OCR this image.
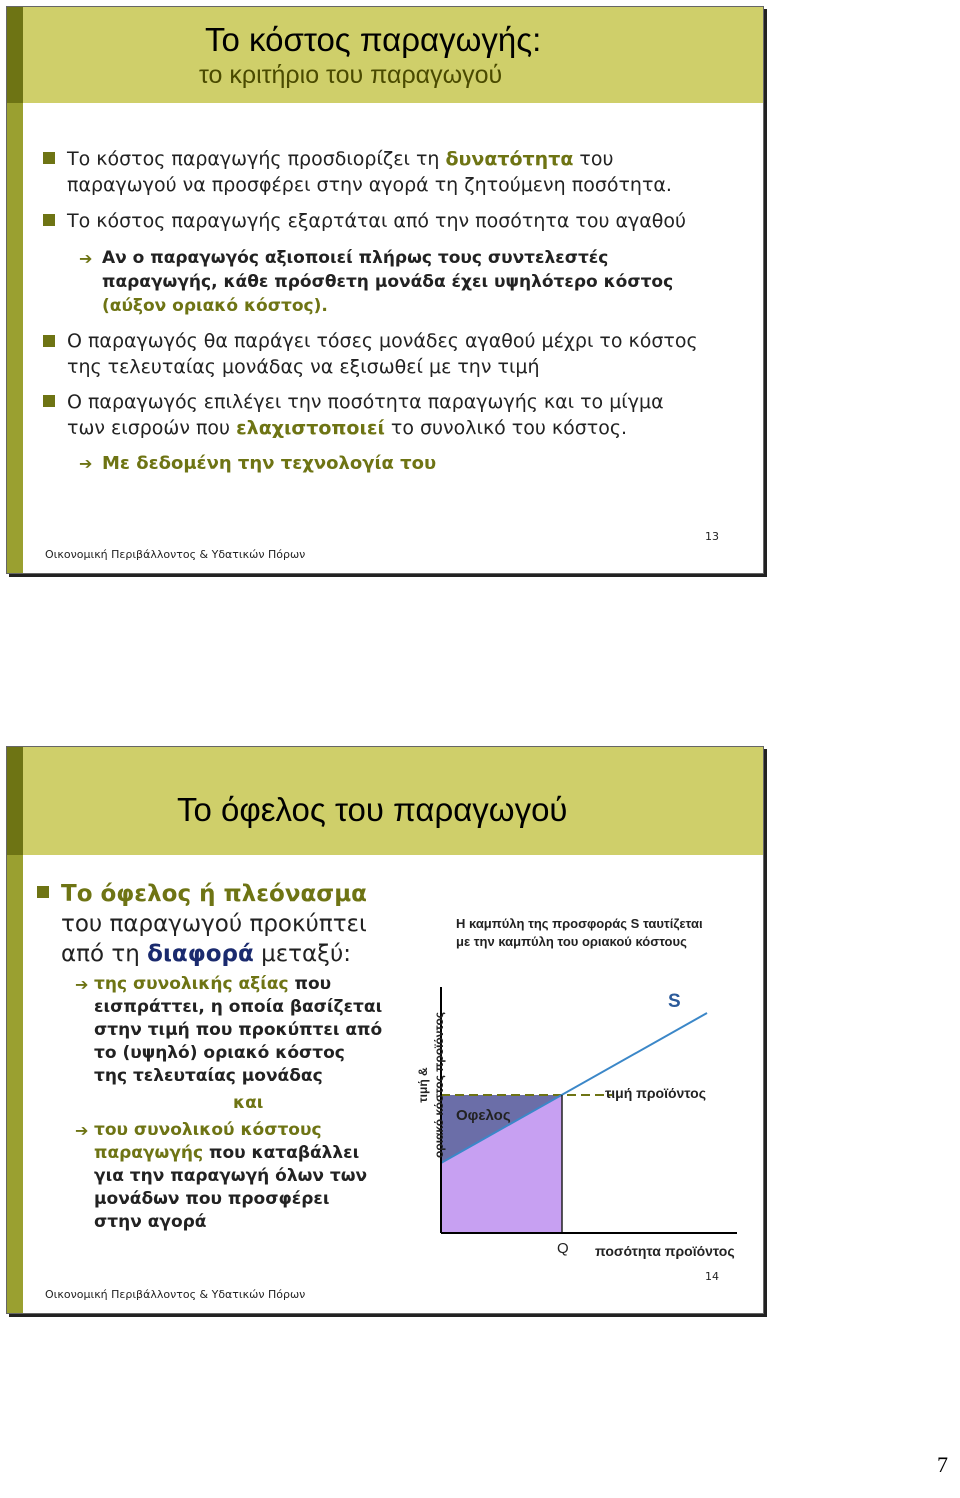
Το κόστος παραγωγής:
το κριτήριο του παραγωγού
Το κόστος παραγωγής προσδιορίζει τη δυνατότητα του
παραγωγού να προσφέρει στην αγορά τη ζητούμενη ποσότητα.
Το κόστος παραγωγής εξαρτάται από την ποσότητα του αγαθού
➔ Αν ο παραγωγός αξιοποιεί πλήρως τους συντελεστές
παραγωγής, κάθε πρόσθετη μονάδα έχει υψηλότερο κόστος
(αύξον οριακό κόστος).
Ο παραγωγός θα παράγει τόσες μονάδες αγαθού μέχρι το κόστος
της τελευταίας μονάδας να εξισωθεί με την τιμή
Ο παραγωγός επιλέγει την ποσότητα παραγωγής και το μίγμα
των εισροών που ελαχιστοποιεί το συνολικό του κόστος.
➔ Με δεδομένη την τεχνολογία του
Οικονομική Περιβάλλοντος & Υδατικών Πόρων
13
Το όφελος του παραγωγού
Το όφελος ή πλεόνασμα
του παραγωγού προκύπτει
από τη διαφορά μεταξύ:
➔ της συνολικής αξίας που
εισπράττει, η οποία βασίζεται
στην τιμή που προκύπτει από
το (υψηλό) οριακό κόστος
της τελευταίας μονάδας
και
➔ του συνολικού κόστους
παραγωγής που καταβάλλει
για την παραγωγή όλων των
μονάδων που προσφέρει
στην αγορά
Η καμπύλη της προσφοράς S ταυτίζεται
με την καμπύλη του οριακού κόστους
S
τιμή προϊόντος
Οφελος
Q ποσότητα προϊόντος
τιμή & οριακό κόστος προϊόντος
Οικονομική Περιβάλλοντος & Υδατικών Πόρων
14
7
